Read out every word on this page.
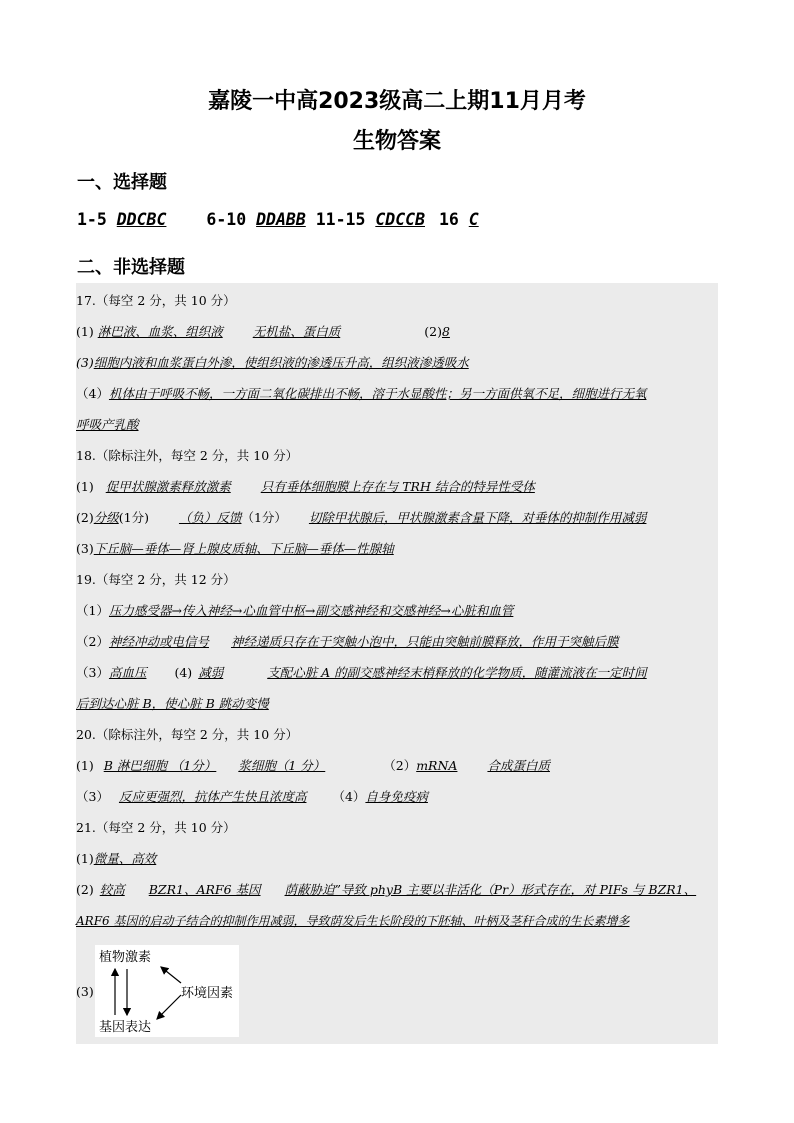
嘉陵一中高2023级高二上期11月月考
生物答案
一、选择题
1-5 DDCBC 6-10 DDABB 11-15 CDCCB 16 C
二、非选择题
17.（每空 2 分，共 10 分）
(1) 淋巴液、血浆、组织液 无机盐、蛋白质	(2)8
(3)细胞内液和血浆蛋白外渗，使组织液的渗透压升高，组织液渗透吸水
（4）机体由于呼吸不畅，一方面二氧化碳排出不畅，溶于水显酸性；另一方面供氧不足，细胞进行无氧
呼吸产乳酸
18.（除标注外，每空 2 分，共 10 分）
(1) 促甲状腺激素释放激素 只有垂体细胞膜上存在与 TRH 结合的特异性受体
(2)分级(1分) （负）反馈（1分） 切除甲状腺后，甲状腺激素含量下降，对垂体的抑制作用减弱
(3)下丘脑—垂体—肾上腺皮质轴、下丘脑—垂体—性腺轴
19.（每空 2 分，共 12 分）
（1）压力感受器→传入神经→心血管中枢→副交感神经和交感神经→心脏和血管
（2）神经冲动或电信号 神经递质只存在于突触小泡中，只能由突触前膜释放，作用于突触后膜
（3）高血压 (4) 减弱	支配心脏 A 的副交感神经末梢释放的化学物质，随灌流液在一定时间
后到达心脏 B，使心脏 B 跳动变慢
20.（除标注外，每空 2 分，共 10 分）
(1) B 淋巴细胞 （1分） 浆细胞（1 分）	（2）mRNA 合成蛋白质
（3） 反应更强烈，抗体产生快且浓度高 （4）自身免疫病
21.（每空 2 分，共 10 分）
(1)微量、高效
(2) 较高 BZR1、ARF6 基因 荫蔽胁迫”导致 phyB 主要以非活化（Pr）形式存在，对 PIFs 与 BZR1、
ARF6 基因的启动子结合的抑制作用减弱，导致荫发后生长阶段的下胚轴、叶柄及茎秆合成的生长素增多
(3)
植物激素
环境因素
基因表达
